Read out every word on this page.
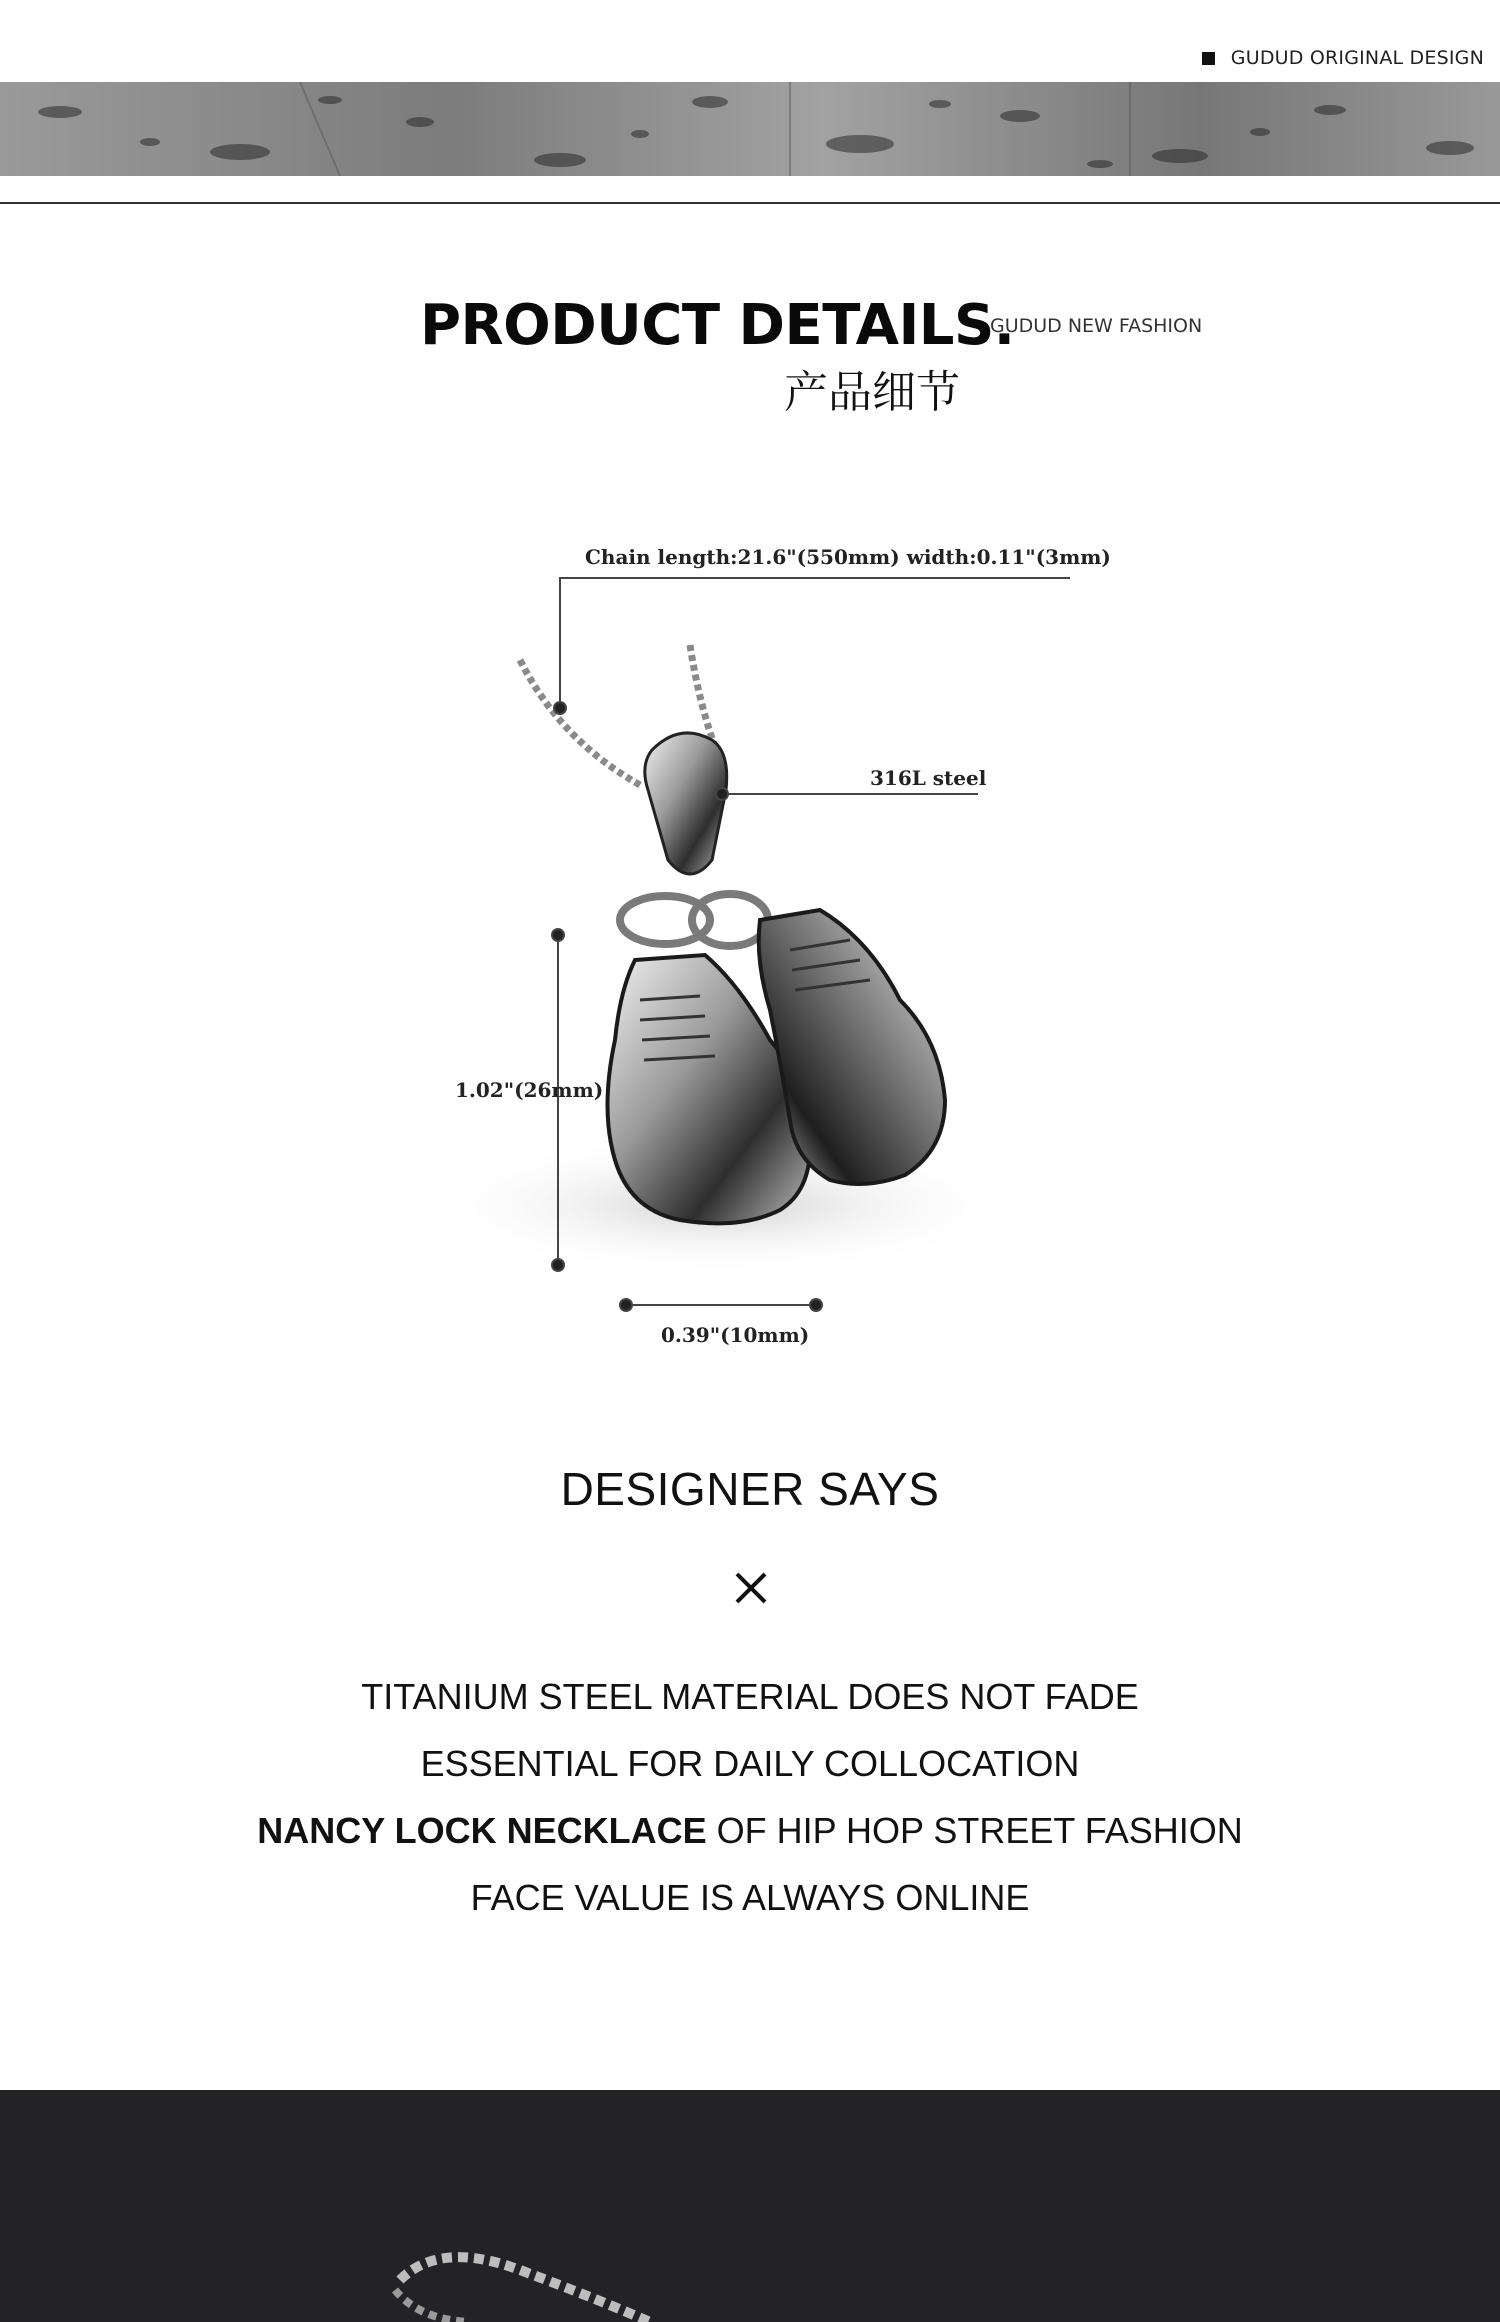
GUDUD ORIGINAL DESIGN
PRODUCT DETAILS.
GUDUD NEW FASHION
产品细节
Chain length:21.6"(550mm) width:0.11"(3mm)
316L steel
1.02"(26mm)
0.39"(10mm)
DESIGNER SAYS
TITANIUM STEEL MATERIAL DOES NOT FADE
ESSENTIAL FOR DAILY COLLOCATION
NANCY LOCK NECKLACE OF HIP HOP STREET FASHION
FACE VALUE IS ALWAYS ONLINE
